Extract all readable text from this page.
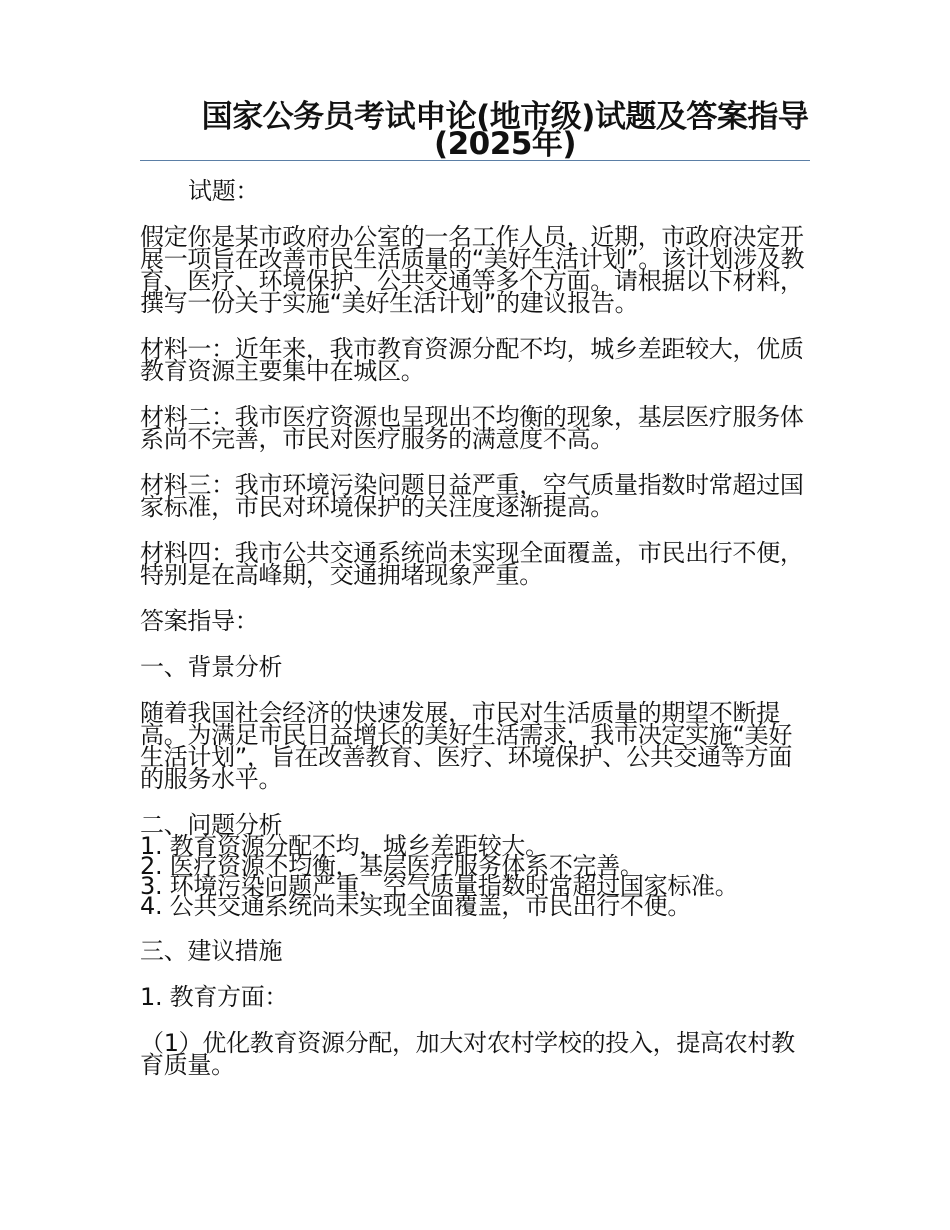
国家公务员考试申论(地市级)试题及答案指导(2025年)

试题：

假定你是某市政府办公室的一名工作人员，近期，市政府决定开展一项旨在改善市民生活质量的“美好生活计划”。该计划涉及教育、医疗、环境保护、公共交通等多个方面。请根据以下材料，撰写一份关于实施“美好生活计划”的建议报告。

材料一：近年来，我市教育资源分配不均，城乡差距较大，优质教育资源主要集中在城区。

材料二：我市医疗资源也呈现出不均衡的现象，基层医疗服务体系尚不完善，市民对医疗服务的满意度不高。

材料三：我市环境污染问题日益严重，空气质量指数时常超过国家标准，市民对环境保护的关注度逐渐提高。

材料四：我市公共交通系统尚未实现全面覆盖，市民出行不便，特别是在高峰期，交通拥堵现象严重。

答案指导：

一、背景分析

随着我国社会经济的快速发展，市民对生活质量的期望不断提高。为满足市民日益增长的美好生活需求，我市决定实施“美好生活计划”，旨在改善教育、医疗、环境保护、公共交通等方面的服务水平。

二、问题分析

1. 教育资源分配不均，城乡差距较大。
2. 医疗资源不均衡，基层医疗服务体系不完善。
3. 环境污染问题严重，空气质量指数时常超过国家标准。
4. 公共交通系统尚未实现全面覆盖，市民出行不便。

三、建议措施

1. 教育方面：

（1）优化教育资源分配，加大对农村学校的投入，提高农村教育质量。
